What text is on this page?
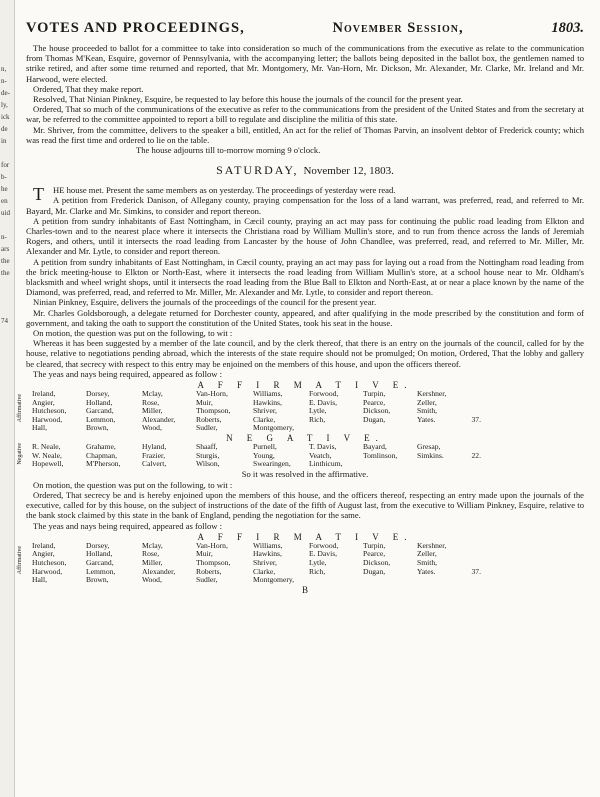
n,
n-
de-
ly,
ick
de
in
for
b-
he
en
uid
n-
ars
the
the
74
VOTES AND PROCEEDINGS,	November Session,	1803.

The house proceeded to ballot for a committee to take into consideration so much of the communications from the executive as relate to the communication from Thomas M'Kean, Esquire, governor of Pennsylvania, with the accompanying letter; the ballots being deposited in the ballot box, the gentlemen named to strike retired, and after some time returned and reported, that Mr. Montgomery, Mr. Van-Horn, Mr. Dickson, Mr. Alexander, Mr. Clarke, Mr. Ireland and Mr. Harwood, were elected.

Ordered, That they make report.

Resolved, That Ninian Pinkney, Esquire, be requested to lay before this house the journals of the council for the present year.

Ordered, That so much of the communications of the executive as refer to the communications from the president of the United States and from the secretary at war, be referred to the committee appointed to report a bill to regulate and discipline the militia of this state.

Mr. Shriver, from the committee, delivers to the speaker a bill, entitled, An act for the relief of Thomas Parvin, an insolvent debtor of Frederick county; which was read the first time and ordered to lie on the table.

The house adjourns till to-morrow morning 9 o'clock.

SATURDAY, November 12, 1803.

THE house met. Present the same members as on yesterday. The proceedings of yesterday were read.

A petition from Frederick Danison, of Allegany county, praying compensation for the loss of a land warrant, was preferred, read, and referred to Mr. Bayard, Mr. Clarke and Mr. Simkins, to consider and report thereon.

A petition from sundry inhabitants of East Nottingham, in Cæcil county, praying an act may pass for continuing the public road leading from Elkton and Charles-town and to the nearest place where it intersects the Christiana road by William Mullin's store, and to run from thence across the lands of Jeremiah Rogers, and others, until it intersects the road leading from Lancaster by the house of John Chandlee, was preferred, read, and referred to Mr. Miller, Mr. Alexander and Mr. Lytle, to consider and report thereon.

A petition from sundry inhabitants of East Nottingham, in Cæcil county, praying an act may pass for laying out a road from the Nottingham road leading from the brick meeting-house to Elkton or North-East, where it intersects the road leading from William Mullin's store, at a school house near to Mr. Oldham's blacksmith and wheel wright shops, until it intersects the road leading from the Blue Ball to Elkton and North-East, at or near a place known by the name of the Diamond, was preferred, read, and referred to Mr. Miller, Mr. Alexander and Mr. Lytle, to consider and report thereon.

Ninian Pinkney, Esquire, delivers the journals of the proceedings of the council for the present year.

Mr. Charles Goldsborough, a delegate returned for Dorchester county, appeared, and after qualifying in the mode prescribed by the constitution and form of government, and taking the oath to support the constitution of the United States, took his seat in the house.

On motion, the question was put on the following, to wit :

Whereas it has been suggested by a member of the late council, and by the clerk thereof, that there is an entry on the journals of the council, called for by the house, relative to negotiations pending abroad, which the interests of the state require should not be promulged; On motion, Ordered, That the lobby and gallery be cleared, that secrecy with respect to this entry may be enjoined on the members of this house, and upon the officers thereof.

The yeas and nays being required, appeared as follow :

A F F I R M A T I V E.
Affirmative
Ireland,	Dorsey,	Mclay,	Van-Horn,	Williams,	Forwood,	Turpin,	Kershner,
Angier,	Holland,	Rose,	Muir,	Hawkins,	E. Davis,	Pearce,	Zeller,
Hutcheson,	Garcand,	Miller,	Thompson,	Shriver,	Lytle,	Dickson,	Smith,
Harwood,	Lemmon,	Alexander,	Roberts,	Clarke,	Rich,	Dugan,	Yates.	37.
Hall,	Brown,	Wood,	Sudler,	Montgomery,
N E G A T I V E.
Negative R. Neale,	Grahame,	Hyland,	Shaaff,	Purnell,	T. Davis,	Bayard,	Gresap,
W. Neale,	Chapman,	Frazier,	Sturgis,	Young,	Veatch,	Tomlinson,	Simkins.	22.
Hopewell,	M'Pherson,	Calvert,	Wilson,	Swearingen,	Linthicum,
So it was resolved in the affirmative.

On motion, the question was put on the following, to wit :

Ordered, That secrecy be and is hereby enjoined upon the members of this house, and the officers thereof, respecting an entry made upon the journals of the executive, called for by this house, on the subject of instructions of the date of the fifth of August last, from the executive to William Pinkney, Esquire, relative to the bank stock claimed by this state in the bank of England, pending the negotiation for the same.

The yeas and nays being required, appeared as follow :

A F F I R M A T I V E.
Affirmative
Ireland,	Dorsey,	Mclay,	Van-Horn,	Williams,	Forwood,	Turpin,	Kershner,
Angier,	Holland,	Rose,	Muir,	Hawkins,	E. Davis,	Pearce,	Zeller,
Hutcheson,	Garcand,	Miller,	Thompson,	Shriver,	Lytle,	Dickson,	Smith,
Harwood,	Lemmon,	Alexander,	Roberts,	Clarke,	Rich,	Dugan,	Yates.	37.
Hall,	Brown,	Wood,	Sudler,	Montgomery,
B
